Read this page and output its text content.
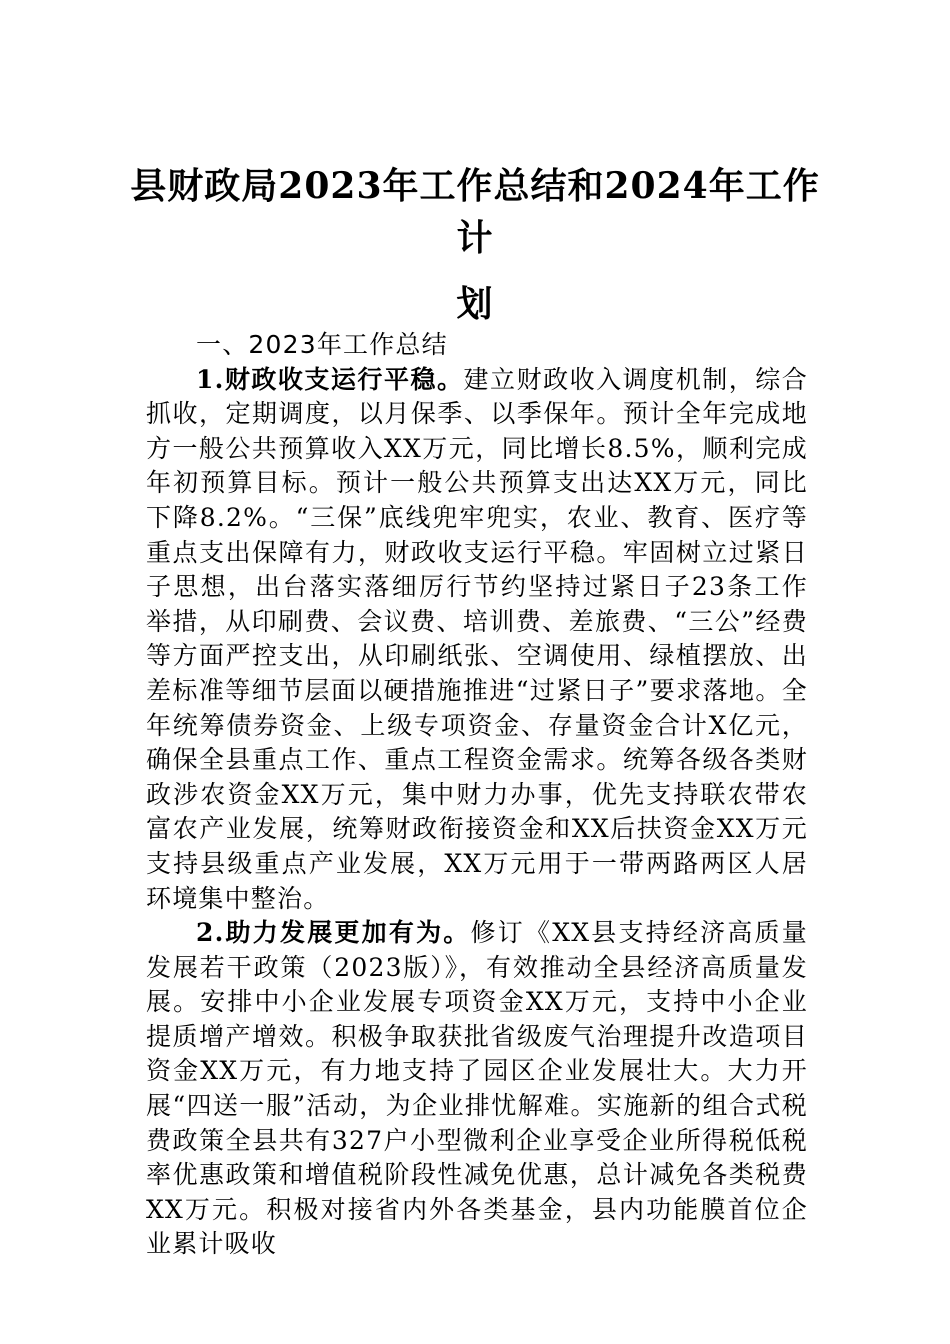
县财政局2023年工作总结和2024年工作计
划

一、2023年工作总结

1.财政收支运行平稳。建立财政收入调度机制，综合抓收，定期调度，以月保季、以季保年。预计全年完成地方一般公共预算收入XX万元，同比增长8.5%，顺利完成年初预算目标。预计一般公共预算支出达XX万元，同比下降8.2%。“三保”底线兜牢兜实，农业、教育、医疗等重点支出保障有力，财政收支运行平稳。牢固树立过紧日子思想，出台落实落细厉行节约坚持过紧日子23条工作举措，从印刷费、会议费、培训费、差旅费、“三公”经费等方面严控支出，从印刷纸张、空调使用、绿植摆放、出差标准等细节层面以硬措施推进“过紧日子”要求落地。全年统筹债券资金、上级专项资金、存量资金合计X亿元，确保全县重点工作、重点工程资金需求。统筹各级各类财政涉农资金XX万元，集中财力办事，优先支持联农带农富农产业发展，统筹财政衔接资金和XX后扶资金XX万元支持县级重点产业发展，XX万元用于一带两路两区人居环境集中整治。

2.助力发展更加有为。修订《XX县支持经济高质量发展若干政策（2023版）》，有效推动全县经济高质量发展。安排中小企业发展专项资金XX万元，支持中小企业提质增产增效。积极争取获批省级废气治理提升改造项目资金XX万元，有力地支持了园区企业发展壮大。大力开展“四送一服”活动，为企业排忧解难。实施新的组合式税费政策全县共有327户小型微利企业享受企业所得税低税率优惠政策和增值税阶段性减免优惠，总计减免各类税费XX万元。积极对接省内外各类基金，县内功能膜首位企业累计吸收
